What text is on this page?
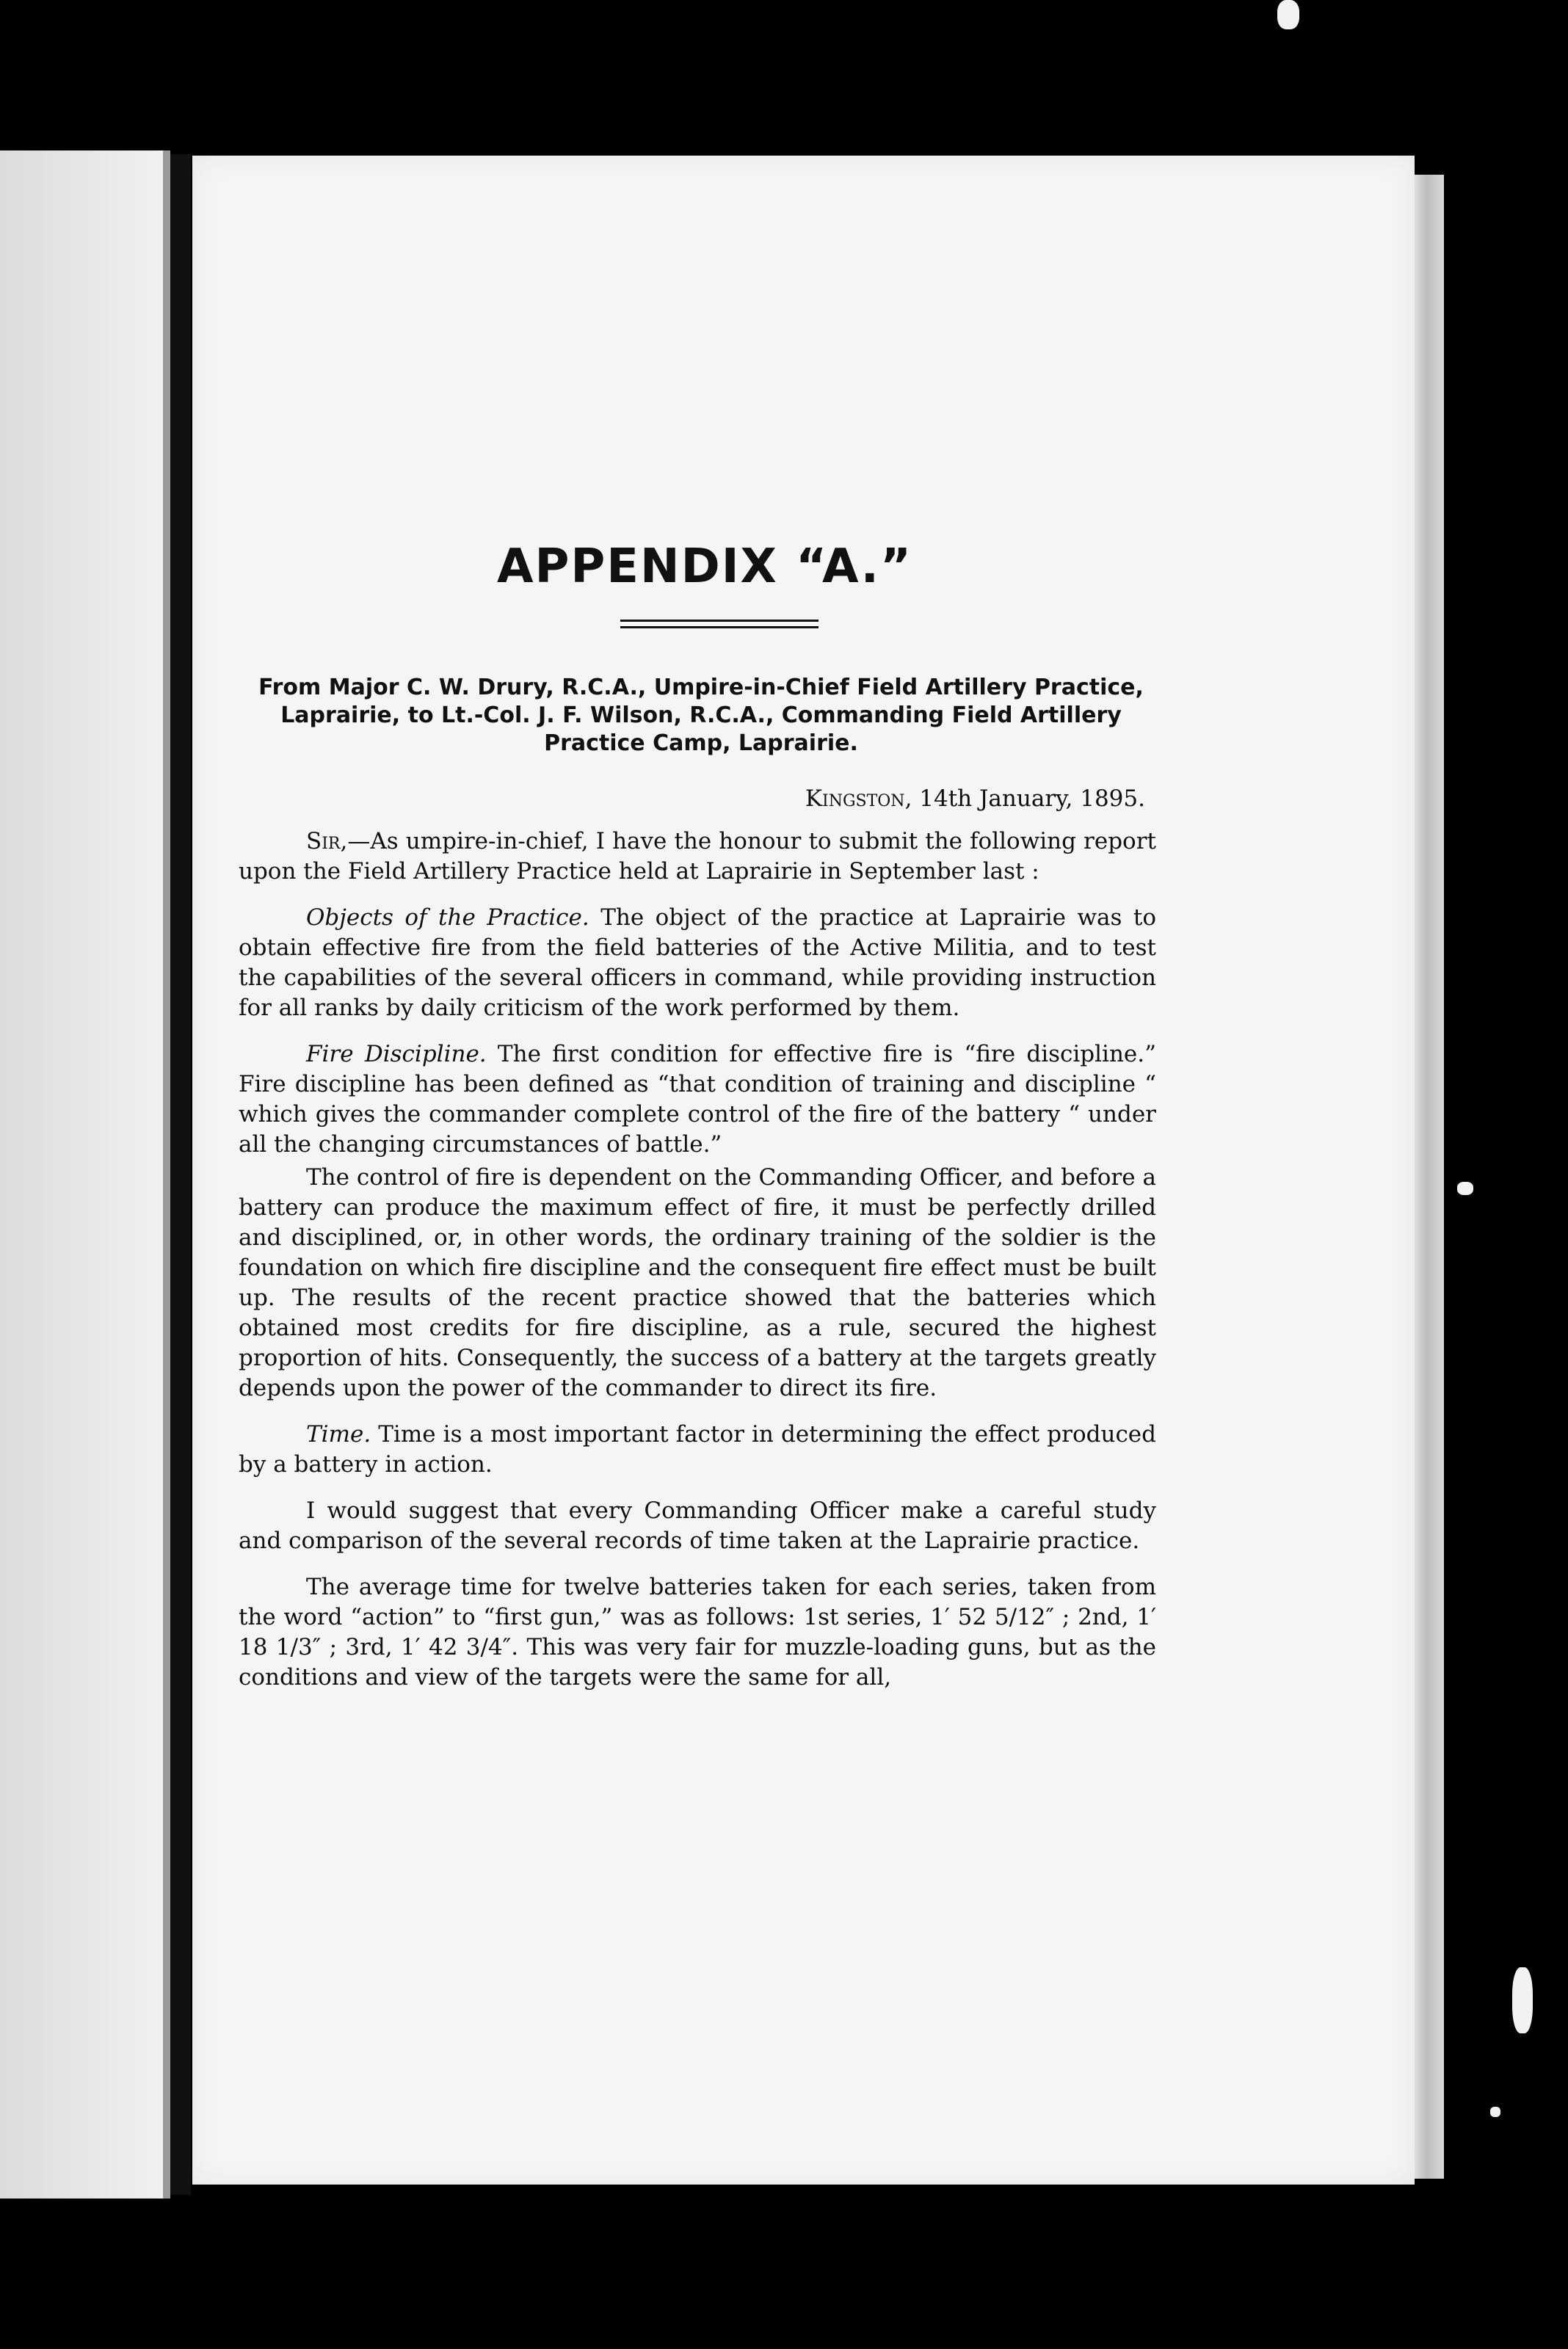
APPENDIX “A.”

From Major C. W. Drury, R.C.A., Umpire-in-Chief Field Artillery Practice, Laprairie, to Lt.-Col. J. F. Wilson, R.C.A., Commanding Field Artillery Practice Camp, Laprairie.

Kingston, 14th January, 1895.

Sir,—As umpire-in-chief, I have the honour to submit the following report upon the Field Artillery Practice held at Laprairie in September last :

Objects of the Practice. The object of the practice at Laprairie was to obtain effective fire from the field batteries of the Active Militia, and to test the capabilities of the several officers in command, while providing instruction for all ranks by daily criticism of the work performed by them.

Fire Discipline. The first condition for effective fire is “fire discipline.” Fire discipline has been defined as “that condition of training and discipline “ which gives the commander complete control of the fire of the battery “ under all the changing circumstances of battle.”

The control of fire is dependent on the Commanding Officer, and before a battery can produce the maximum effect of fire, it must be perfectly drilled and disciplined, or, in other words, the ordinary training of the soldier is the foundation on which fire discipline and the consequent fire effect must be built up. The results of the recent practice showed that the batteries which obtained most credits for fire discipline, as a rule, secured the highest proportion of hits. Consequently, the success of a battery at the targets greatly depends upon the power of the commander to direct its fire.

Time. Time is a most important factor in determining the effect produced by a battery in action.

I would suggest that every Commanding Officer make a careful study and comparison of the several records of time taken at the Laprairie practice.

The average time for twelve batteries taken for each series, taken from the word “action” to “first gun,” was as follows: 1st series, 1′ 52 5/12″ ; 2nd, 1′ 18 1/3″ ; 3rd, 1′ 42 3/4″. This was very fair for muzzle-loading guns, but as the conditions and view of the targets were the same for all,
